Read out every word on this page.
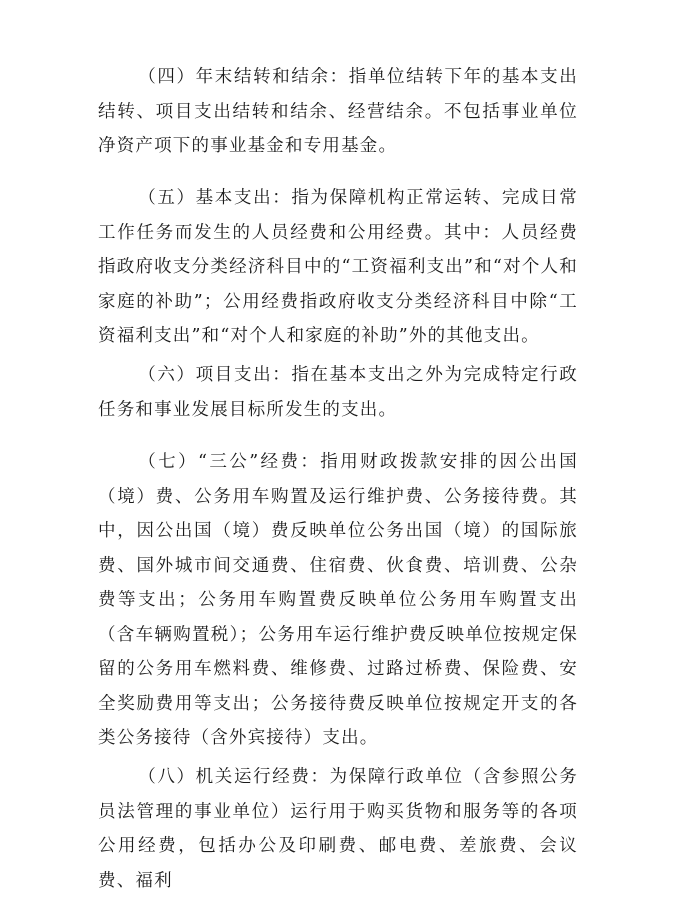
（四）年末结转和结余：指单位结转下年的基本支出结转、项目支出结转和结余、经营结余。不包括事业单位净资产项下的事业基金和专用基金。

（五）基本支出：指为保障机构正常运转、完成日常工作任务而发生的人员经费和公用经费。其中：人员经费指政府收支分类经济科目中的“工资福利支出”和“对个人和家庭的补助”；公用经费指政府收支分类经济科目中除“工资福利支出”和“对个人和家庭的补助”外的其他支出。

（六）项目支出：指在基本支出之外为完成特定行政任务和事业发展目标所发生的支出。

（七）“三公”经费：指用财政拨款安排的因公出国（境）费、公务用车购置及运行维护费、公务接待费。其中，因公出国（境）费反映单位公务出国（境）的国际旅费、国外城市间交通费、住宿费、伙食费、培训费、公杂费等支出；公务用车购置费反映单位公务用车购置支出（含车辆购置税）；公务用车运行维护费反映单位按规定保留的公务用车燃料费、维修费、过路过桥费、保险费、安全奖励费用等支出；公务接待费反映单位按规定开支的各类公务接待（含外宾接待）支出。

（八）机关运行经费：为保障行政单位（含参照公务员法管理的事业单位）运行用于购买货物和服务等的各项公用经费，包括办公及印刷费、邮电费、差旅费、会议费、福利
